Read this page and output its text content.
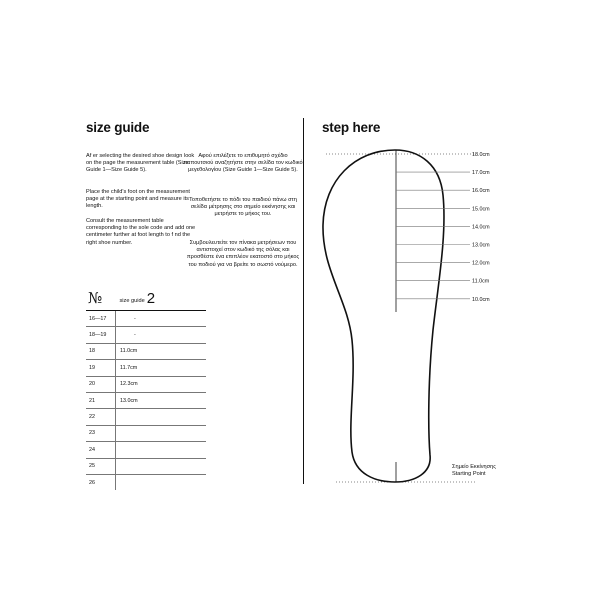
size guide

Af er selecting the desired shoe design look on the page the measurement table (Size Guide 1—Size Guide 5).

Place the child's foot on the measurement page at the starting point and measure its length.

Consult the measurement table corresponding to the sole code and add one centimeter further at foot length to f nd the right shoe number.

Αφού επιλέξετε το επιθυμητό σχέδιο παπουτσιού αναζητήστε στην σελίδα τον κωδικό μεγεθολογίου (Size Guide 1—Size Guide 5).

Τοποθετήστε το πόδι του παιδιού πάνω στη σελίδα μέτρησης στο σημείο εκκίνησης και μετρήστε το μήκος του.

Συμβουλευτείτε τον πίνακα μετρήσεων που αντιστοιχεί στον κωδικό της σόλας και προσθέστε ένα επιπλέον εκατοστό στο μήκος του ποδιού για να βρείτε το σωστό νούμερο.

№	size guide 2
16—17	-
18—19	-
18	11.0cm
19	11.7cm
20	12.3cm
21	13.0cm
22	
23	
24	
25	
26	
step here
18.0cm
17.0cm
16.0cm
15.0cm
14.0cm
13.0cm
12.0cm
11.0cm
10.0cm
Σημείο Εκκίνησης
Starting Point
